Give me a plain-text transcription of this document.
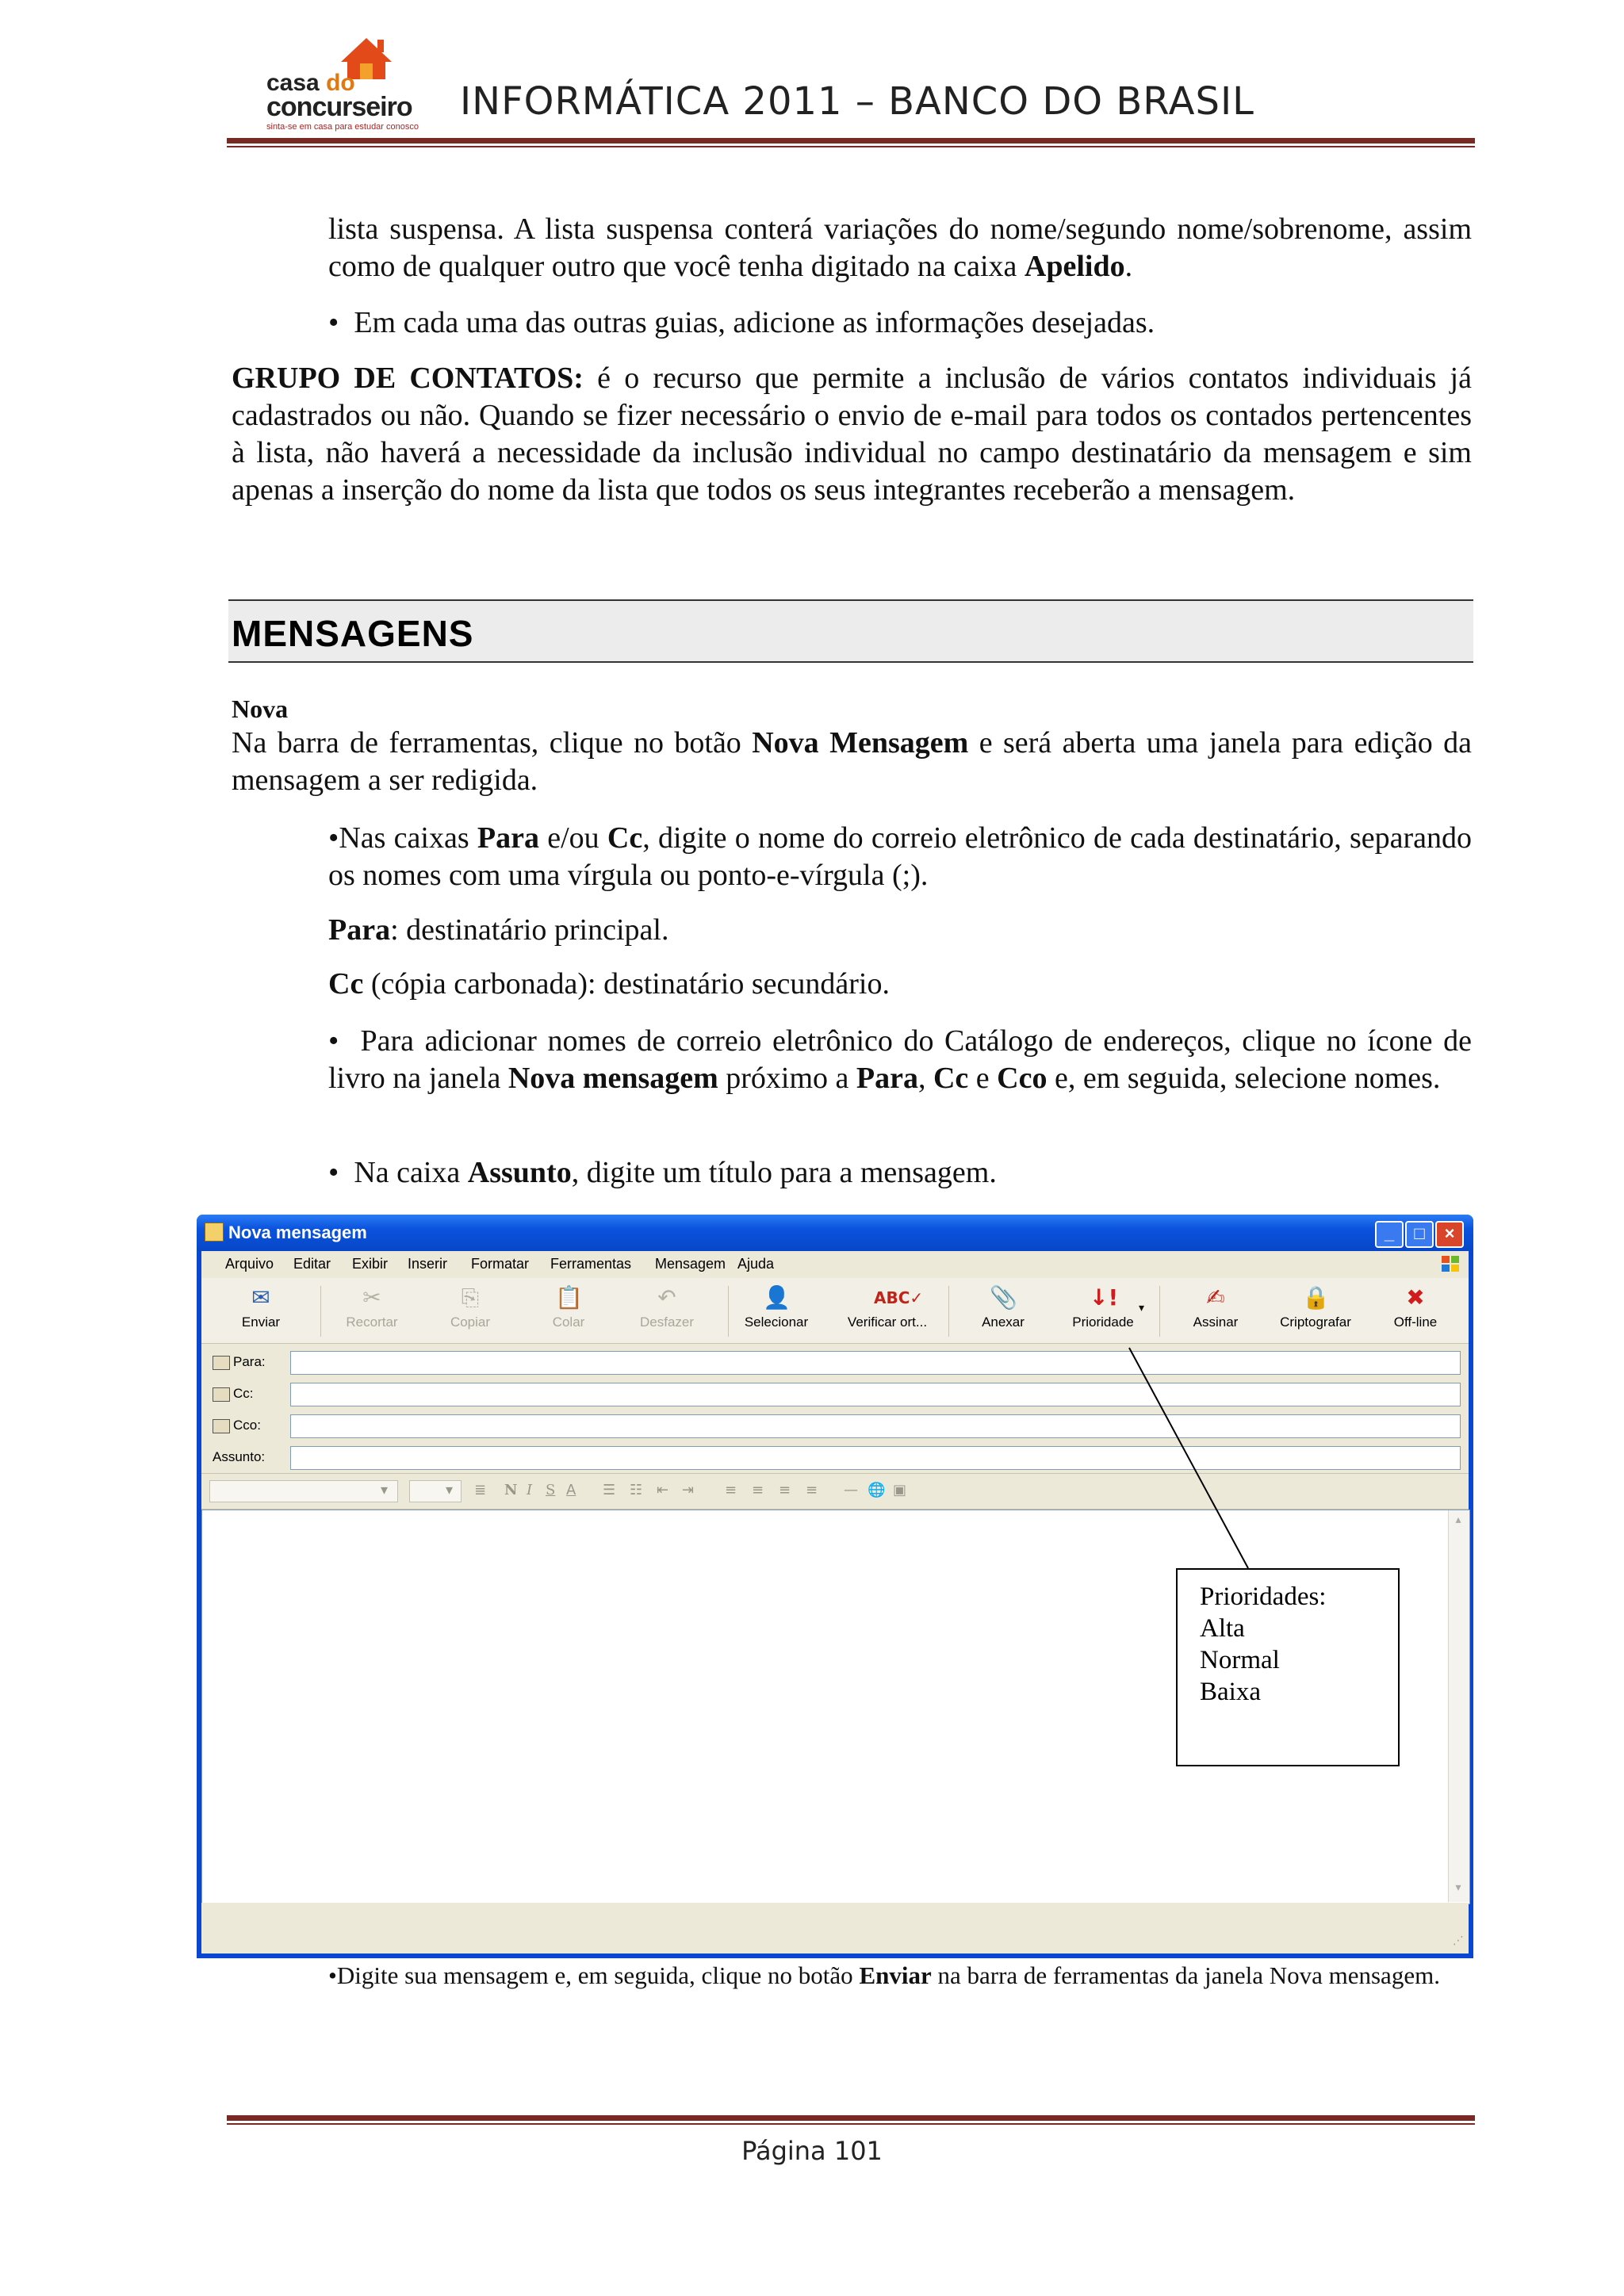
casa do
concurseiro
sinta-se em casa para estudar conosco
INFORMÁTICA 2011 – BANCO DO BRASIL
lista suspensa. A lista suspensa conterá variações do nome/segundo nome/sobrenome, assim como de qualquer outro que você tenha digitado na caixa Apelido.
•  Em cada uma das outras guias, adicione as informações desejadas.
GRUPO DE CONTATOS: é o recurso que permite a inclusão de vários contatos individuais já cadastrados ou não. Quando se fizer necessário o envio de e-mail para todos os contados pertencentes à lista, não haverá a necessidade da inclusão individual no campo destinatário da mensagem e sim apenas a inserção do nome da lista que todos os seus integrantes receberão a mensagem.
MENSAGENS
Nova
Na barra de ferramentas, clique no botão Nova Mensagem e será aberta uma janela para edição da mensagem a ser redigida.
•Nas caixas Para e/ou Cc, digite o nome do correio eletrônico de cada destinatário, separando os nomes com uma vírgula ou ponto-e-vírgula (;).
Para: destinatário principal.
Cc (cópia carbonada): destinatário secundário.
•  Para adicionar nomes de correio eletrônico do Catálogo de endereços, clique no ícone de livro na janela Nova mensagem próximo a Para, Cc e Cco e, em seguida, selecione nomes.
•  Na caixa Assunto, digite um título para a mensagem.
Nova mensagem	_	□	×
Arquivo Editar Exibir Inserir Formatar Ferramentas Mensagem Ajuda
✉
Enviar
✂
Recortar
⎘
Copiar
📋
Colar
↶
Desfazer
👤
Selecionar
ABC✓
Verificar ort...
📎
Anexar
↓!
Prioridade
▾	✍
Assinar
🔒
Criptografar
✖
Off-line
Para:
Cc:
Cco:
Assunto:
▾	▾ ≣ N I S A ☰ ☷ ⇤ ⇥ ≡ ≡ ≡ ≡ — 🌐 ▣
▴
▾
⋰
Prioridades:
Alta
Normal
Baixa
•Digite sua mensagem e, em seguida, clique no botão Enviar na barra de ferramentas da janela Nova mensagem.
Página 101
